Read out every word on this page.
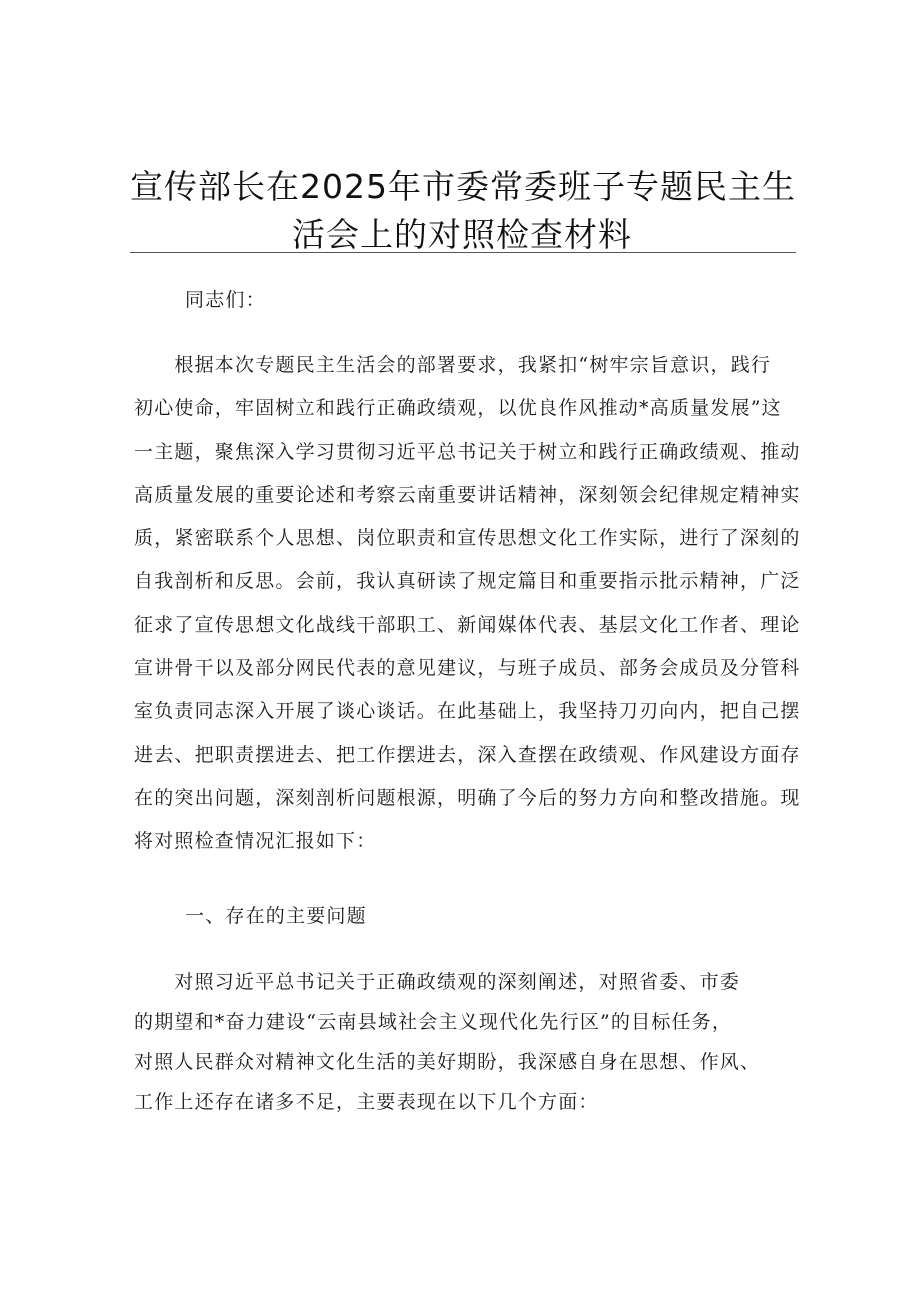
宣传部长在2025年市委常委班子专题民主生
活会上的对照检查材料

同志们：

　　根据本次专题民主生活会的部署要求，我紧扣“树牢宗旨意识，践行
初心使命，牢固树立和践行正确政绩观，以优良作风推动*高质量发展”这
一主题，聚焦深入学习贯彻习近平总书记关于树立和践行正确政绩观、推动
高质量发展的重要论述和考察云南重要讲话精神，深刻领会纪律规定精神实
质，紧密联系个人思想、岗位职责和宣传思想文化工作实际，进行了深刻的
自我剖析和反思。会前，我认真研读了规定篇目和重要指示批示精神，广泛
征求了宣传思想文化战线干部职工、新闻媒体代表、基层文化工作者、理论
宣讲骨干以及部分网民代表的意见建议，与班子成员、部务会成员及分管科
室负责同志深入开展了谈心谈话。在此基础上，我坚持刀刃向内，把自己摆
进去、把职责摆进去、把工作摆进去，深入查摆在政绩观、作风建设方面存
在的突出问题，深刻剖析问题根源，明确了今后的努力方向和整改措施。现
将对照检查情况汇报如下：

一、存在的主要问题

　　对照习近平总书记关于正确政绩观的深刻阐述，对照省委、市委
的期望和*奋力建设“云南县域社会主义现代化先行区”的目标任务，
对照人民群众对精神文化生活的美好期盼，我深感自身在思想、作风、
工作上还存在诸多不足，主要表现在以下几个方面：
